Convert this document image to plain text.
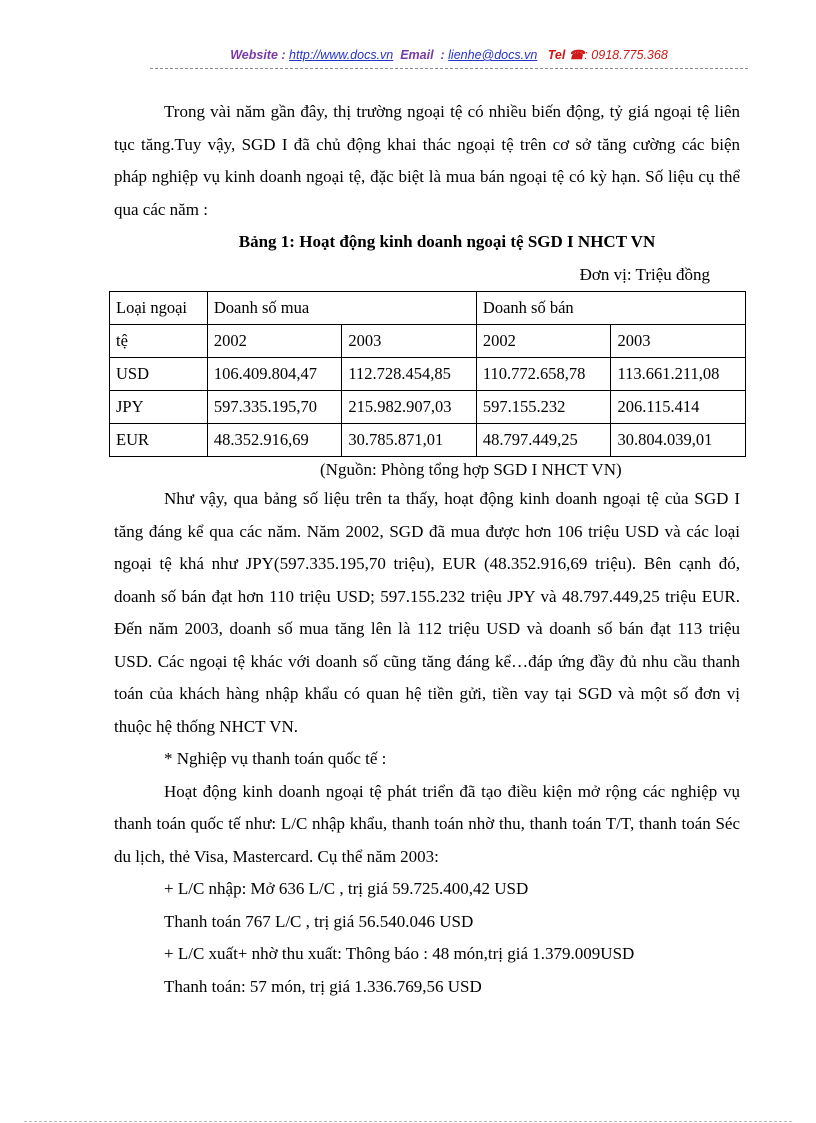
Website : http://www.docs.vn Email  : lienhe@docs.vn Tel ☎: 0918.775.368

Trong vài năm gần đây, thị trường ngoại tệ có nhiều biến động, tỷ giá ngoại tệ liên tục tăng.Tuy vậy, SGD I đã chủ động khai thác ngoại tệ trên cơ sở tăng cường các biện pháp nghiệp vụ kinh doanh ngoại tệ, đặc biệt là mua bán ngoại tệ có kỳ hạn. Số liệu cụ thể qua các năm :

Bảng 1: Hoạt động kinh doanh ngoại tệ SGD I NHCT VN

Đơn vị: Triệu đồng

Loại ngoại	Doanh số mua		Doanh số bán	
tệ	2002	2003	2002	2003
USD	106.409.804,47	112.728.454,85	110.772.658,78	113.661.211,08
JPY	597.335.195,70	215.982.907,03	597.155.232	206.115.414
EUR	48.352.916,69	30.785.871,01	48.797.449,25	30.804.039,01

(Nguồn: Phòng tổng hợp SGD I NHCT VN)

Như vậy, qua bảng số liệu trên ta thấy, hoạt động kinh doanh ngoại tệ của SGD I tăng đáng kể qua các năm. Năm 2002, SGD đã mua được hơn 106 triệu USD và các loại ngoại tệ khá như JPY(597.335.195,70 triệu), EUR (48.352.916,69 triệu). Bên cạnh đó, doanh số bán đạt hơn 110 triệu USD; 597.155.232 triệu JPY và 48.797.449,25 triệu EUR. Đến năm 2003, doanh số mua tăng lên là 112 triệu USD và doanh số bán đạt 113 triệu USD. Các ngoại tệ khác với doanh số cũng tăng đáng kể…đáp ứng đầy đủ nhu cầu thanh toán của khách hàng nhập khẩu có quan hệ tiền gửi, tiền vay tại SGD và một số đơn vị thuộc hệ thống NHCT VN.

* Nghiệp vụ thanh toán quốc tế :

Hoạt động kinh doanh ngoại tệ phát triển đã tạo điều kiện mở rộng các nghiệp vụ thanh toán quốc tế như: L/C nhập khẩu, thanh toán nhờ thu, thanh toán T/T, thanh toán Séc du lịch, thẻ Visa, Mastercard. Cụ thể năm 2003:

+ L/C nhập: Mở 636 L/C , trị giá 59.725.400,42 USD

Thanh toán 767 L/C , trị giá 56.540.046 USD

+ L/C xuất+ nhờ thu xuất: Thông báo : 48 món,trị giá 1.379.009USD

Thanh toán: 57 món, trị giá 1.336.769,56 USD
